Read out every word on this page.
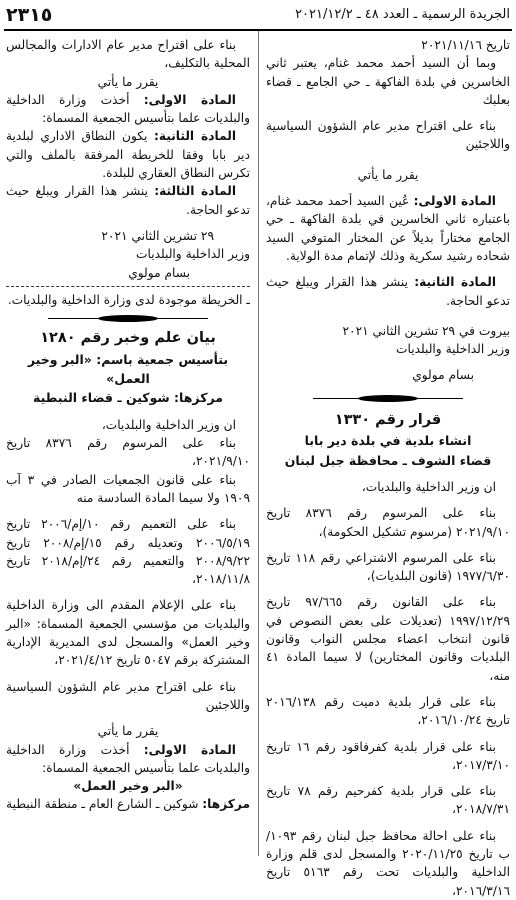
٢٣١٥	الجريدة الرسمية ـ العدد ٤٨ ـ ٢٠٢١/١٢/٢

تاريخ ٢٠٢١/١١/١٦

وبما أن السيد أحمد محمد غنام، يعتبر ثاني الخاسرين في بلدة الفاكهة ـ حي الجامع ـ قضاء بعلبك

بناء على اقتراح مدير عام الشؤون السياسية واللاجئين

يقرر ما يأتي

المادة الاولى: عُين السيد أحمد محمد غنام، باعتباره ثاني الخاسرين في بلدة الفاكهة ـ حي الجامع مختاراً بديلاً عن المختار المتوفي السيد شحاده رشيد سكرية وذلك لإتمام مدة الولاية.

المادة الثانية: ينشر هذا القرار ويبلغ حيث تدعو الحاجة.

بيروت في ٢٩ تشرين الثاني ٢٠٢١

وزير الداخلية والبلديات

بسام مولوي

قرار رقم ١٣٣٠

انشاء بلدية في بلدة دير بابا

قضاء الشوف ـ محافظة جبل لبنان

ان وزير الداخلية والبلديات،

بناء على المرسوم رقم ٨٣٧٦ تاريخ ٢٠٢١/٩/١٠ (مرسوم تشكيل الحكومة)،

بناء على المرسوم الاشتراعي رقم ١١٨ تاريخ ١٩٧٧/٦/٣٠ (قانون البلديات)،

بناء على القانون رقم ٩٧/٦٦٥ تاريخ ١٩٩٧/١٢/٢٩ (تعديلات على بعض النصوص في قانون انتخاب اعضاء مجلس النواب وقانون البلديات وقانون المختارين) لا سيما المادة ٤١ منه،

بناء على قرار بلدية دميت رقم ٢٠١٦/١٣٨ تاريخ ٢٠١٦/١٠/٢٤،

بناء على قرار بلدية كفرفاقود رقم ١٦ تاريخ ٢٠١٧/٣/١٠،

بناء على قرار بلدية كفرحيم رقم ٧٨ تاريخ ٢٠١٨/٧/٣١،

بناء على احالة محافظ جبل لبنان رقم ١٠٩٣/ب تاريخ ٢٠٢٠/١١/٢٥ والمسجل لدى قلم وزارة الداخلية والبلديات تحت رقم ٥١٦٣ تاريخ ٢٠١٦/٣/١٦،

بناء على اقتراح مدير عام الادارات والمجالس المحلية بالتكليف،

يقرر ما يأتي

المادة الاولى: أخذت وزارة الداخلية والبلديات علما بتأسيس الجمعية المسماة:

المادة الثانية: يكون النطاق الاداري لبلدية دير بابا وفقا للخريطة المرفقة بالملف والتي تكرس النطاق العقاري للبلدة.

المادة الثالثة: ينشر هذا القرار ويبلغ حيث تدعو الحاجة.

٢٩ تشرين الثاني ٢٠٢١

وزير الداخلية والبلديات

بسام مولوي

ـ الخريطة موجودة لدى وزارة الداخلية والبلديات.

بيان علم وخبر رقم ١٢٨٠

بتأسيس جمعية باسم: «البر وخير العمل»

مركزها: شوكين ـ قضاء النبطية

ان وزير الداخلية والبلديات،

بناء على المرسوم رقم ٨٣٧٦ تاريخ ٢٠٢١/٩/١٠،

بناء على قانون الجمعيات الصادر في ٣ آب ١٩٠٩ ولا سيما المادة السادسة منه

بناء على التعميم رقم ١٠/إم/٢٠٠٦ تاريخ ٢٠٠٦/٥/١٩ وتعديله رقم ١٥/إم/٢٠٠٨ تاريخ ٢٠٠٨/٩/٢٢ والتعميم رقم ٢٤/إم/٢٠١٨ تاريخ ٢٠١٨/١١/٨،

بناء على الإعلام المقدم الى وزارة الداخلية والبلديات من مؤسسي الجمعية المسماة: «البر وخير العمل» والمسجل لدى المديرية الإدارية المشتركة برقم ٥٠٤٧ تاريخ ٢٠٢١/٤/١٢،

بناء على اقتراح مدير عام الشؤون السياسية واللاجئين

يقرر ما يأتي

المادة الاولى: أخذت وزارة الداخلية والبلديات علما بتأسيس الجمعية المسماة:

«البر وخير العمل»

مركزها: شوكين ـ الشارع العام ـ منطقة النبطية
